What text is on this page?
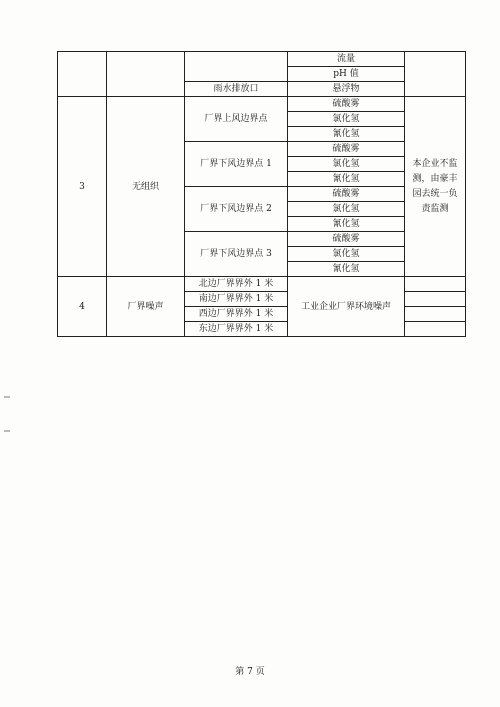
			流量	
			pH 值	
		雨水排放口	悬浮物	
3	无组织	厂界上风边界点	硫酸雾	本企业不监测，由豪丰园去统一负责监测
			氯化氢	
			氰化氢	
		厂界下风边界点 1	硫酸雾	
			氯化氢	
			氰化氢	
		厂界下风边界点 2	硫酸雾	
			氯化氢	
			氰化氢	
		厂界下风边界点 3	硫酸雾	
			氯化氢	
			氰化氢	
4	厂界噪声	北边厂界界外 1 米	工业企业厂界环境噪声	
		南边厂界界外 1 米		
		西边厂界界外 1 米		
		东边厂界界外 1 米		
第 7 页
